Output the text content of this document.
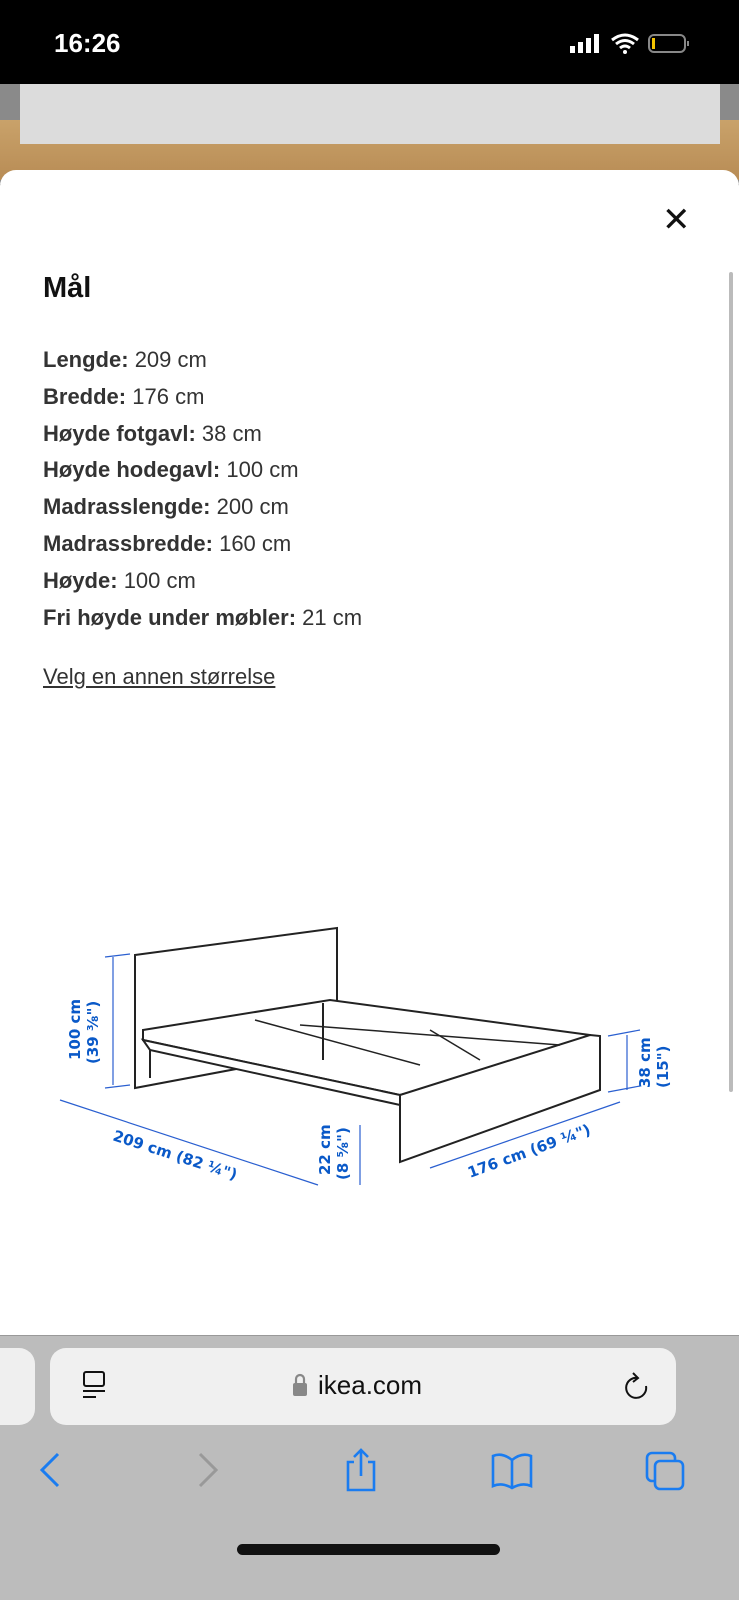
16:26
✕
Mål
Lengde: 209 cm
Bredde: 176 cm
Høyde fotgavl: 38 cm
Høyde hodegavl: 100 cm
Madrasslengde: 200 cm
Madrassbredde: 160 cm
Høyde: 100 cm
Fri høyde under møbler: 21 cm
Velg en annen størrelse
100 cm (39 ³⁄₈")	38 cm (15")
209 cm (82 ¼")	22 cm (8 ⁵⁄₈")	176 cm (69 ¼")
ikea.com
